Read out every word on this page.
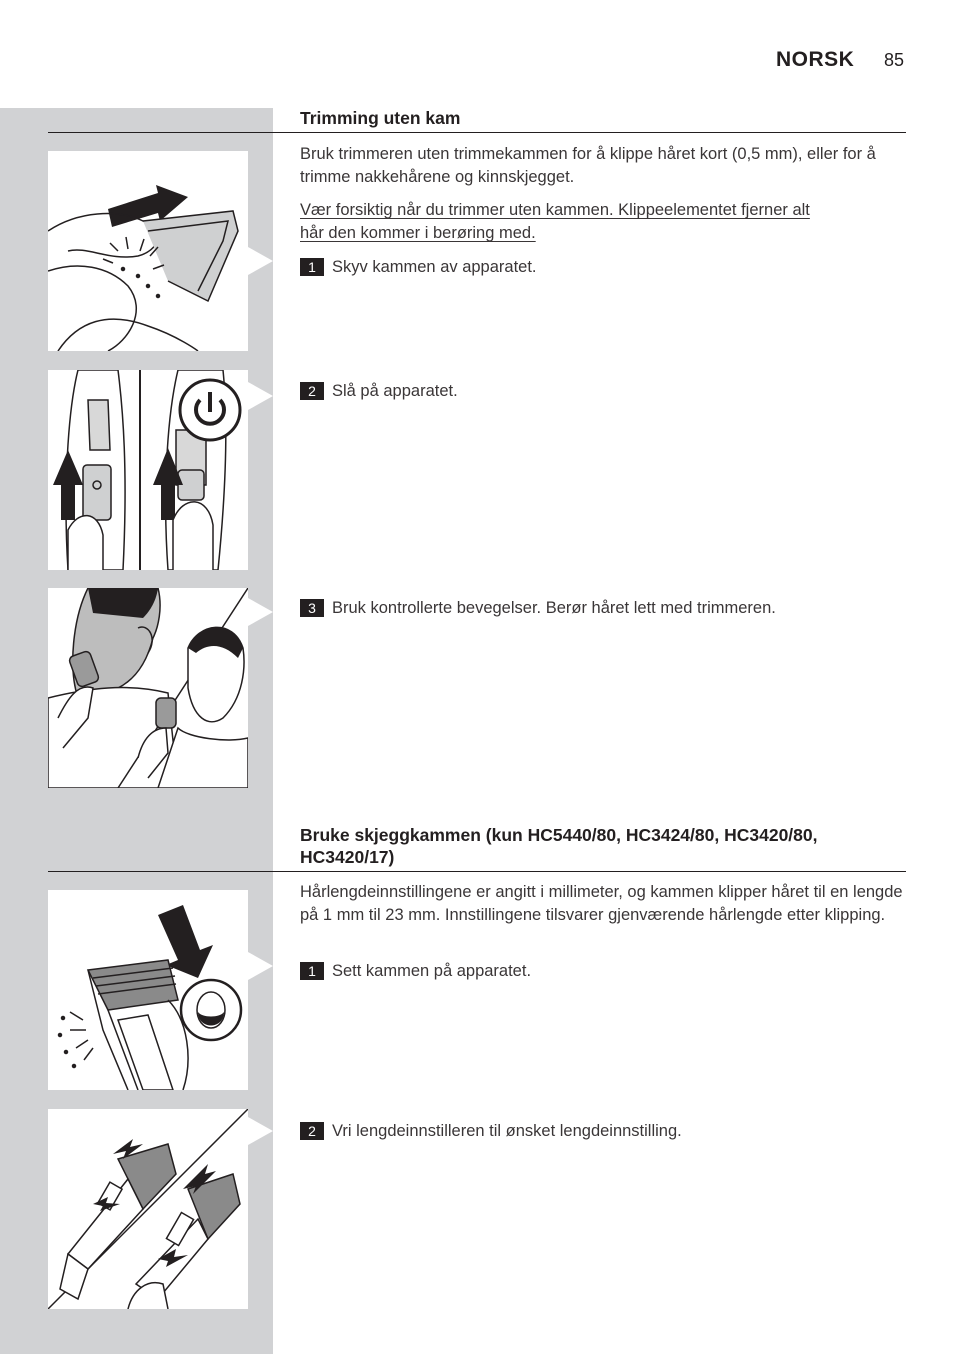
NORSK 85
Trimming uten kam
Bruk trimmeren uten trimmekammen for å klippe håret kort (0,5 mm), eller for å trimme nakkehårene og kinnskjegget.
Vær forsiktig når du trimmer uten kammen. Klippeelementet fjerner alt
hår den kommer i berøring med.
1 Skyv kammen av apparatet.
2 Slå på apparatet.
3 Bruk kontrollerte bevegelser. Berør håret lett med trimmeren.
Bruke skjeggkammen (kun HC5440/80, HC3424/80, HC3420/80, HC3420/17)
Hårlengdeinnstillingene er angitt i millimeter, og kammen klipper håret til en lengde på 1 mm til 23 mm. Innstillingene tilsvarer gjenværende hårlengde etter klipping.
1 Sett kammen på apparatet.
2 Vri lengdeinnstilleren til ønsket lengdeinnstilling.
